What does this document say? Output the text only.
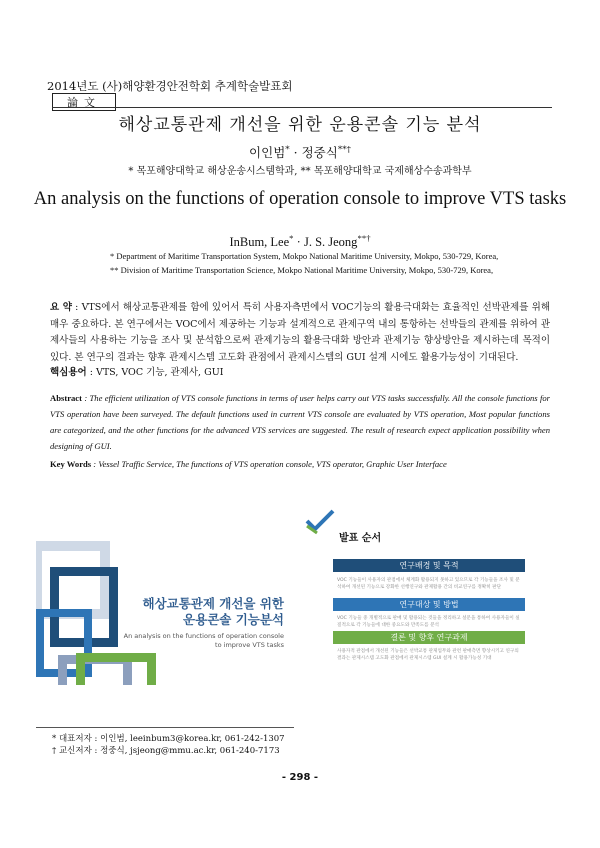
2014년도 (사)해양환경안전학회 추계학술발표회
論文
해상교통관제 개선을 위한 운용콘솔 기능 분석
이인범* · 정중식**†
* 목포해양대학교 해상운송시스템학과, ** 목포해양대학교 국제해상수송과학부
An analysis on the functions of operation console to improve VTS tasks
InBum, Lee* · J. S. Jeong**†
* Department of Maritime Transportation System, Mokpo National Maritime University, Mokpo, 530-729, Korea,
** Division of Maritime Transportation Science, Mokpo National Maritime University, Mokpo, 530-729, Korea,
요 약 : VTS에서 해상교통관제를 함에 있어서 특히 사용자측면에서 VOC기능의 활용극대화는 효율적인 선박관제를 위해 매우 중요하다. 본 연구에서는 VOC에서 제공하는 기능과 설계적으로 관제구역 내의 통항하는 선박들의 관제를 위하여 관제사들의 사용하는 기능을 조사 및 분석함으로써 관제기능의 활용극대화 방안과 관제기능 향상방안을 제시하는데 목적이 있다. 본 연구의 결과는 향후 관제시스템 고도화 관점에서 관제시스템의 GUI 설계 시에도 활용가능성이 기대된다.
핵심용어 : VTS, VOC 기능, 관제사, GUI
Abstract : The efficient utilization of VTS console functions in terms of user helps carry out VTS tasks successfully. All the console functions for VTS operation have been surveyed. The default functions used in current VTS console are evaluated by VTS operation, Most popular functions are categorized, and the other functions for the advanced VTS services are suggested. The result of research expect application possibility when designing of GUI.
Key Words : Vessel Traffic Service, The functions of VTS operation console, VTS operator, Graphic User Interface
해상교통관제 개선을 위한
운용콘솔 기능분석
An analysis on the functions of operation console
to improve VTS tasks
발표 순서
연구배경 및 목적
VOC 기능들이 사용자의 관점에서 체계화 활용되지 못하고 있으므로 각 기능들을 조사 및 분석하여 개선된 기능으로 강화한 선행연구와 관제활용 간의 비교연구를 정확히 판단
연구대상 및 방법
VOC 기능들 중 개별적으로 판매 및 활용되는 것들을 정리하고 설문을 통하여 사용자들이 실질적으로 각 기능들에 대한 중요도와 만족도를 분석
결론 및 향후 연구과제
사용자적 관점에서 개선된 기능들은 선박교통 관제업무와 관련 판매측면 향상시키고 연구의 결과는 관제시스템 고도화 관점에서 관제시스템 GUI 설계 시 활용가능성 기대
* 대표저자 : 이인범, leeinbum3@korea.kr, 061-242-1307
† 교신저자 : 정중식, jsjeong@mmu.ac.kr, 061-240-7173
- 298 -
